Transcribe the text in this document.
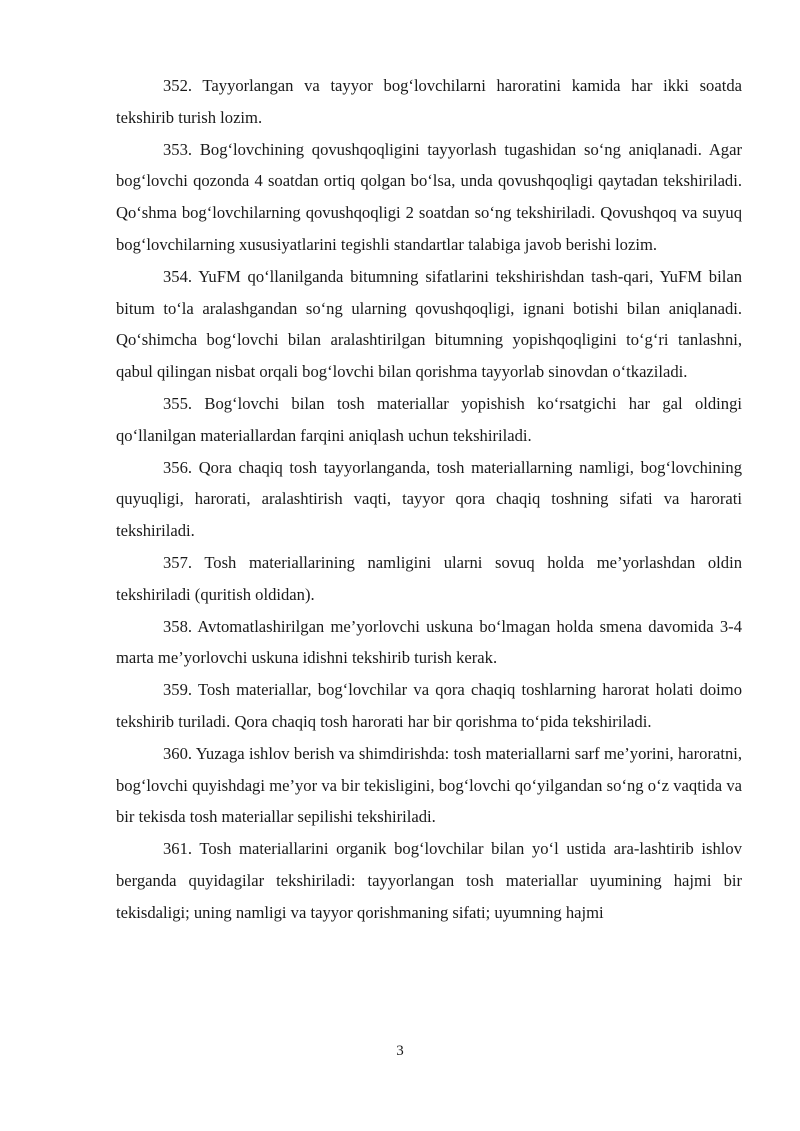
352. Tayyorlangan va tayyor bog‘lovchilarni haroratini kamida har ikki soatda tekshirib turish lozim.

353. Bog‘lovchining qovushqoqligini tayyorlash tugashidan so‘ng aniqlanadi. Agar bog‘lovchi qozonda 4 soatdan ortiq qolgan bo‘lsa, unda qovushqoqligi qaytadan tekshiriladi. Qo‘shma bog‘lovchilarning qovushqoqligi 2 soatdan so‘ng tekshiriladi. Qovushqoq va suyuq bog‘lovchilarning xususiyatlarini tegishli standartlar talabiga javob berishi lozim.

354. YuFM qo‘llanilganda bitumning sifatlarini tekshirishdan tash-qari, YuFM bilan bitum to‘la aralashgandan so‘ng ularning qovushqoqligi, ignani botishi bilan aniqlanadi. Qo‘shimcha bog‘lovchi bilan aralashtirilgan bitumning yopishqoqligini to‘g‘ri tanlashni, qabul qilingan nisbat orqali bog‘lovchi bilan qorishma tayyorlab sinovdan o‘tkaziladi.

355. Bog‘lovchi bilan tosh materiallar yopishish ko‘rsatgichi har gal oldingi qo‘llanilgan materiallardan farqini aniqlash uchun tekshiriladi.

356. Qora chaqiq tosh tayyorlanganda, tosh materiallarning namligi, bog‘lovchining quyuqligi, harorati, aralashtirish vaqti, tayyor qora chaqiq toshning sifati va harorati tekshiriladi.

357. Tosh materiallarining namligini ularni sovuq holda me’yorlashdan oldin tekshiriladi (quritish oldidan).

358. Avtomatlashirilgan me’yorlovchi uskuna bo‘lmagan holda smena davomida 3-4 marta me’yorlovchi uskuna idishni tekshirib turish kerak.

359. Tosh materiallar, bog‘lovchilar va qora chaqiq toshlarning harorat holati doimo tekshirib turiladi. Qora chaqiq tosh harorati har bir qorishma to‘pida tekshiriladi.

360. Yuzaga ishlov berish va shimdirishda: tosh materiallarni sarf me’yorini, haroratni, bog‘lovchi quyishdagi me’yor va bir tekisligini, bog‘lovchi qo‘yilgandan so‘ng o‘z vaqtida va bir tekisda tosh materiallar sepilishi tekshiriladi.

361. Tosh materiallarini organik bog‘lovchilar bilan yo‘l ustida ara-lashtirib ishlov berganda quyidagilar tekshiriladi: tayyorlangan tosh materiallar uyumining hajmi bir tekisdaligi; uning namligi va tayyor qorishmaning sifati; uyumning hajmi

3
